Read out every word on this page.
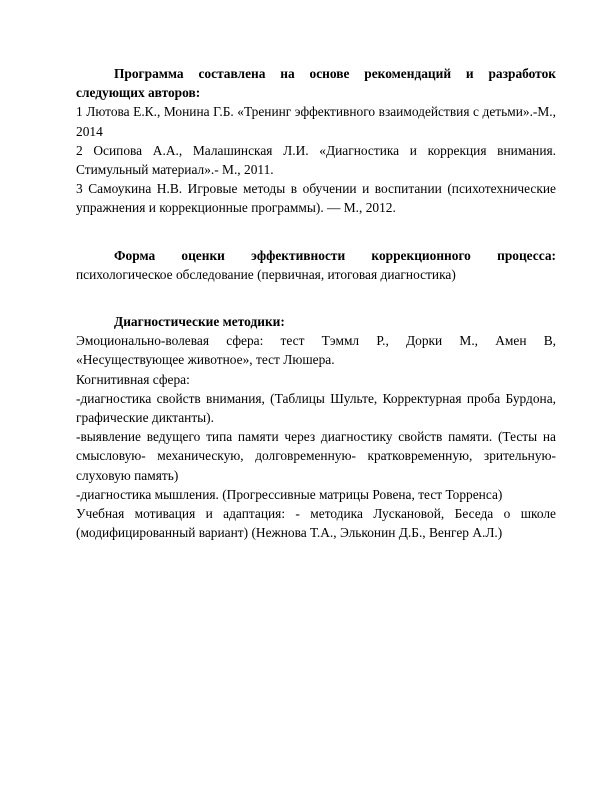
Программа составлена на основе рекомендаций и разработок следующих авторов:

1 Лютова Е.К., Монина Г.Б. «Тренинг эффективного взаимодействия с детьми».-М., 2014

2 Осипова А.А., Малашинская Л.И. «Диагностика и коррекция внимания. Стимульный материал».- М., 2011.

3 Самоукина Н.В. Игровые методы в обучении и воспитании (психотехнические упражнения и коррекционные программы). — М., 2012.

Форма оценки эффективности коррекционного процесса: психологическое обследование (первичная, итоговая диагностика)

Диагностические методики:

Эмоционально-волевая сфера: тест Тэммл Р., Дорки М., Амен В, «Несуществующее животное», тест Люшера.

Когнитивная сфера:

-диагностика свойств внимания, (Таблицы Шульте, Корректурная проба Бурдона, графические диктанты).

-выявление ведущего типа памяти через диагностику свойств памяти. (Тесты на смысловую- механическую, долговременную- кратковременную, зрительную-слуховую память)

-диагностика мышления. (Прогрессивные матрицы Ровена, тест Торренса)

Учебная мотивация и адаптация: - методика Лускановой, Беседа о школе (модифицированный вариант) (Нежнова Т.А., Эльконин Д.Б., Венгер А.Л.)
